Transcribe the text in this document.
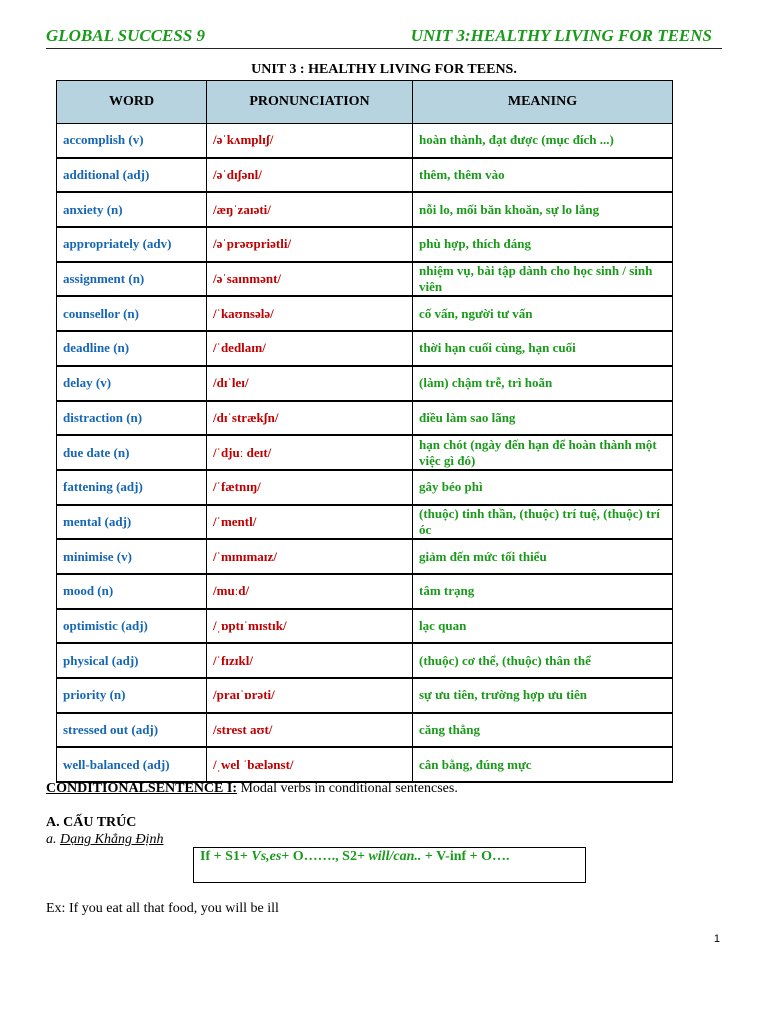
GLOBAL SUCCESS 9	UNIT 3:HEALTHY LIVING FOR TEENS
UNIT 3 : HEALTHY LIVING FOR TEENS.
WORD	PRONUNCIATION	MEANING
accomplish (v)	/əˈkʌmplɪʃ/	hoàn thành, đạt được (mục đích ...)
additional (adj)	/əˈdɪʃənl/	thêm, thêm vào
anxiety (n)	/æŋˈzaɪəti/	nỗi lo, mối băn khoăn, sự lo lắng
appropriately (adv)	/əˈprəʊpriətli/	phù hợp, thích đáng
assignment (n)	/əˈsaɪnmənt/	nhiệm vụ, bài tập dành cho học sinh / sinh viên
counsellor (n)	/ˈkaʊnsələ/	cố vấn, người tư vấn
deadline (n)	/ˈdedlaɪn/	thời hạn cuối cùng, hạn cuối
delay (v)	/dɪˈleɪ/	(làm) chậm trễ, trì hoãn
distraction (n)	/dɪˈstrækʃn/	điều làm sao lãng
due date (n)	/ˈdjuː deɪt/	hạn chót (ngày đến hạn để hoàn thành một việc gì đó)
fattening (adj)	/ˈfætnɪŋ/	gây béo phì
mental (adj)	/ˈmentl/	(thuộc) tinh thần, (thuộc) trí tuệ, (thuộc) trí óc
minimise (v)	/ˈmɪnɪmaɪz/	giảm đến mức tối thiểu
mood (n)	/muːd/	tâm trạng
optimistic (adj)	/ˌɒptɪˈmɪstɪk/	lạc quan
physical (adj)	/ˈfɪzɪkl/	(thuộc) cơ thể, (thuộc) thân thể
priority (n)	/praɪˈɒrəti/	sự ưu tiên, trường hợp ưu tiên
stressed out (adj)	/strest aʊt/	căng thẳng
well-balanced (adj)	/ˌwel ˈbælənst/	cân bằng, đúng mực
CONDITIONALSENTENCE I: Modal verbs in conditional sentencses.
A. CẤU TRÚC
a. Dạng Khẳng Định
If + S1+ Vs,es+ O……., S2+ will/can.. + V-inf + O….
Ex: If you eat all that food, you will be ill
1
